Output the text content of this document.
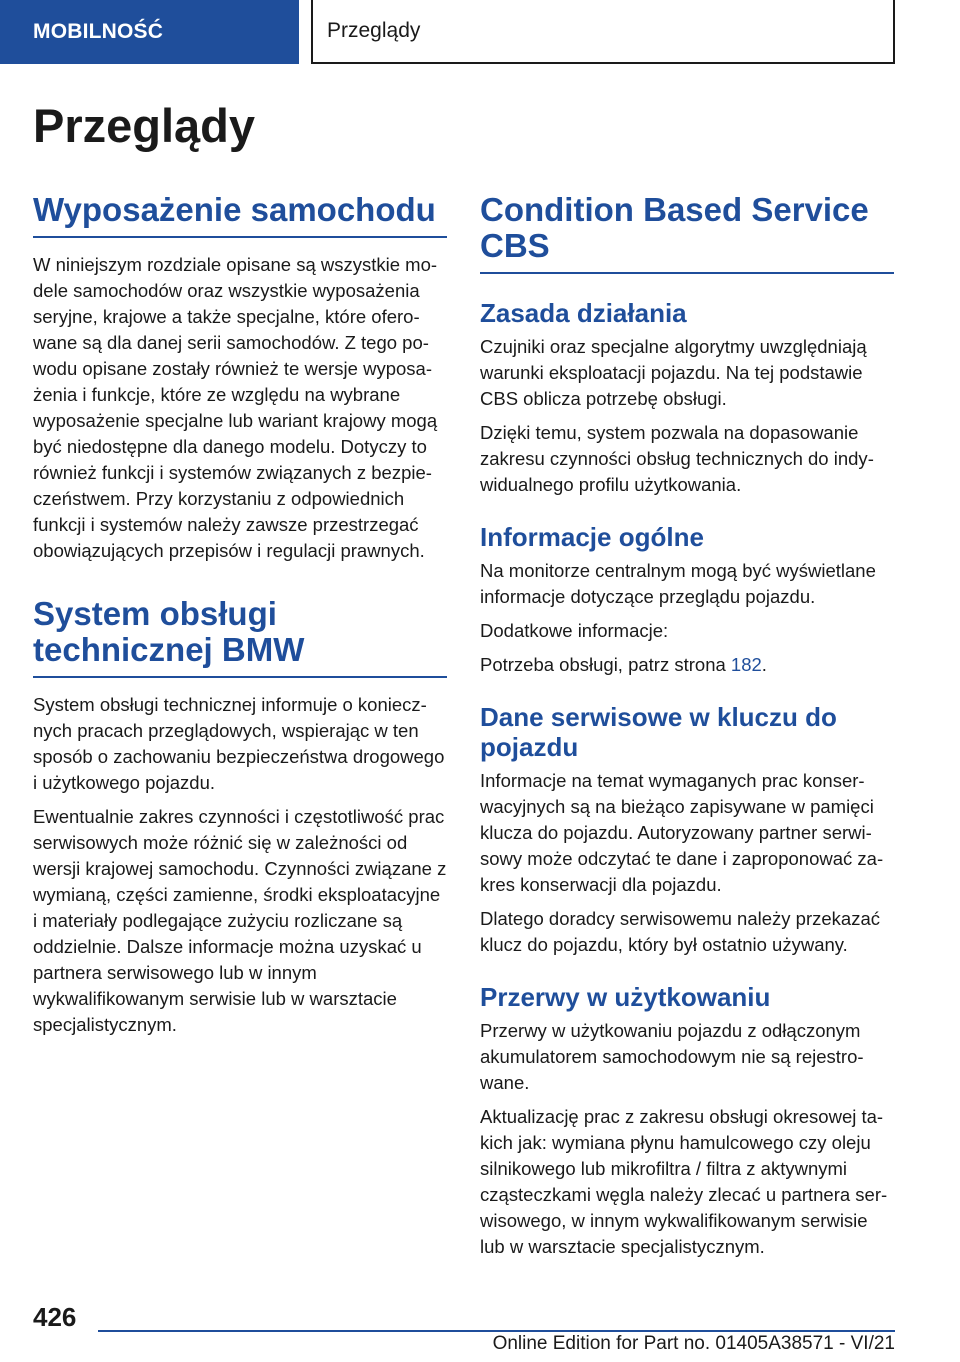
MOBILNOŚĆ	Przeglądy
Przeglądy
Wyposażenie samochodu

W niniejszym rozdziale opisane są wszystkie modele samochodów oraz wszystkie wyposażenia seryjne, krajowe a także specjalne, które oferowane są dla danej serii samochodów. Z tego powodu opisane zostały również te wersje wyposażenia i funkcje, które ze względu na wybrane wyposażenie specjalne lub wariant krajowy mogą być niedostępne dla danego modelu. Dotyczy to również funkcji i systemów związanych z bezpieczeństwem. Przy korzystaniu z odpowiednich funkcji i systemów należy zawsze przestrzegać obowiązujących przepisów i regulacji prawnych.

System obsługi technicznej BMW

System obsługi technicznej informuje o koniecznych pracach przeglądowych, wspierając w ten sposób o zachowaniu bezpieczeństwa drogowego i użytkowego pojazdu.

Ewentualnie zakres czynności i częstotliwość prac serwisowych może różnić się w zależności od wersji krajowej samochodu. Czynności związane z wymianą, części zamienne, środki eksploatacyjne i materiały podlegające zużyciu rozliczane są oddzielnie. Dalsze informacje można uzyskać u partnera serwisowego lub w innym wykwalifikowanym serwisie lub w warsztacie specjalistycznym.

Condition Based Service CBS
Zasada działania

Czujniki oraz specjalne algorytmy uwzględniają warunki eksploatacji pojazdu. Na tej podstawie CBS oblicza potrzebę obsługi.

Dzięki temu, system pozwala na dopasowanie zakresu czynności obsług technicznych do indywidualnego profilu użytkowania.

Informacje ogólne

Na monitorze centralnym mogą być wyświetlane informacje dotyczące przeglądu pojazdu.

Dodatkowe informacje:

Potrzeba obsługi, patrz strona 182.

Dane serwisowe w kluczu do pojazdu

Informacje na temat wymaganych prac konserwacyjnych są na bieżąco zapisywane w pamięci klucza do pojazdu. Autoryzowany partner serwisowy może odczytać te dane i zaproponować zakres konserwacji dla pojazdu.

Dlatego doradcy serwisowemu należy przekazać klucz do pojazdu, który był ostatnio używany.

Przerwy w użytkowaniu

Przerwy w użytkowaniu pojazdu z odłączonym akumulatorem samochodowym nie są rejestrowane.

Aktualizację prac z zakresu obsługi okresowej takich jak: wymiana płynu hamulcowego czy oleju silnikowego lub mikrofiltra / filtra z aktywnymi cząsteczkami węgla należy zlecać u partnera serwisowego, w innym wykwalifikowanym serwisie lub w warsztacie specjalistycznym.

426
Online Edition for Part no. 01405A38571 - VI/21
